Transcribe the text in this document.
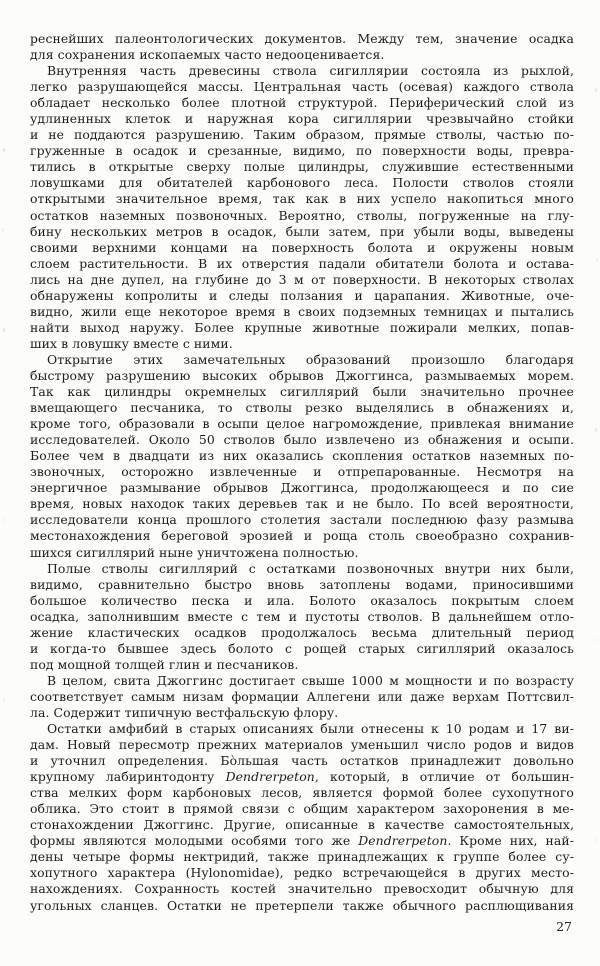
реснейших палеонтологических документов. Между тем, значение осадка
для сохранения ископаемых часто недооценивается.
Внутренняя часть древесины ствола сигиллярии состояла из рыхлой,
легко разрушающейся массы. Центральная часть (осевая) каждого ствола
обладает несколько более плотной структурой. Периферический слой из
удлиненных клеток и наружная кора сигиллярии чрезвычайно стойки
и не поддаются разрушению. Таким образом, прямые стволы, частью по-
груженные в осадок и срезанные, видимо, по поверхности воды, превра-
тились в открытые сверху полые цилиндры, служившие естественными
ловушками для обитателей карбонового леса. Полости стволов стояли
открытыми значительное время, так как в них успело накопиться много
остатков наземных позвоночных. Вероятно, стволы, погруженные на глу-
бину нескольких метров в осадок, были затем, при убыли воды, выведены
своими верхними концами на поверхность болота и окружены новым
слоем растительности. В их отверстия падали обитатели болота и остава-
лись на дне дупел, на глубине до 3 м от поверхности. В некоторых стволах
обнаружены копролиты и следы ползания и царапания. Животные, оче-
видно, жили еще некоторое время в своих подземных темницах и пытались
найти выход наружу. Более крупные животные пожирали мелких, попав-
ших в ловушку вместе с ними.
Открытие этих замечательных образований произошло благодаря
быстрому разрушению высоких обрывов Джоггинса, размываемых морем.
Так как цилиндры окремнелых сигиллярий были значительно прочнее
вмещающего песчаника, то стволы резко выделялись в обнажениях и,
кроме того, образовали в осыпи целое нагромождение, привлекая внимание
исследователей. Около 50 стволов было извлечено из обнажения и осыпи.
Более чем в двадцати из них оказались скопления остатков наземных по-
звоночных, осторожно извлеченные и отпрепарованные. Несмотря на
энергичное размывание обрывов Джоггинса, продолжающееся и по сие
время, новых находок таких деревьев так и не было. По всей вероятности,
исследователи конца прошлого столетия застали последнюю фазу размыва
местонахождения береговой эрозией и роща столь своеобразно сохранив-
шихся сигиллярий ныне уничтожена полностью.
Полые стволы сигиллярий с остатками позвоночных внутри них были,
видимо, сравнительно быстро вновь затоплены водами, приносившими
большое количество песка и ила. Болото оказалось покрытым слоем
осадка, заполнившим вместе с тем и пустоты стволов. В дальнейшем отло-
жение кластических осадков продолжалось весьма длительный период
и когда-то бывшее здесь болото с рощей старых сигиллярий оказалось
под мощной толщей глин и песчаников.
В целом, свита Джоггинс достигает свыше 1000 м мощности и по возрасту
соответствует самым низам формации Аллегени или даже верхам Поттсвил-
ла. Содержит типичную вестфальскую флору.
Остатки амфибий в старых описаниях были отнесены к 10 родам и 17 ви-
дам. Новый пересмотр прежних материалов уменьшил число родов и видов
и уточнил определения. Бо̀льшая часть остатков принадлежит довольно
крупному лабиринтодонту Dendrerpeton, который, в отличие от большин-
ства мелких форм карбоновых лесов, является формой более сухопутного
облика. Это стоит в прямой связи с общим характером захоронения в ме-
стонахождении Джоггинс. Другие, описанные в качестве самостоятельных,
формы являются молодыми особями того же Dendrerpeton. Кроме них, най-
дены четыре формы нектридий, также принадлежащих к группе более су-
хопутного характера (Hylonomidae), редко встречающейся в других место-
нахождениях. Сохранность костей значительно превосходит обычную для
угольных сланцев. Остатки не претерпели также обычного расплющивания
27
